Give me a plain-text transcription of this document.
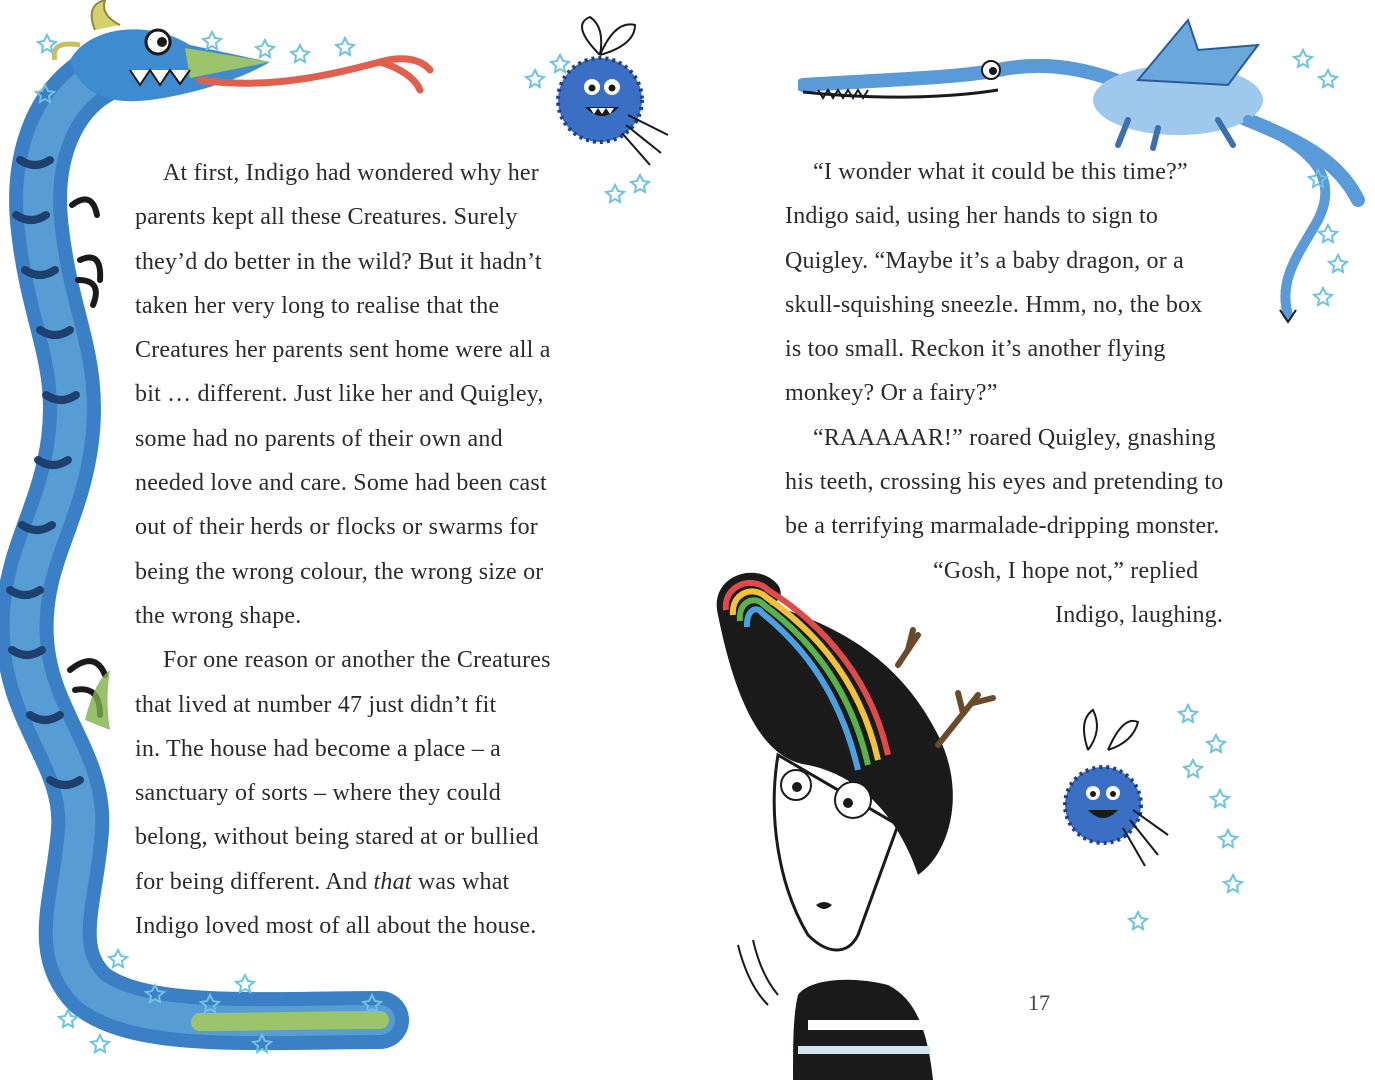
At first, Indigo had wondered why her
parents kept all these Creatures. Surely
they’d do better in the wild? But it hadn’t
taken her very long to realise that the
Creatures her parents sent home were all a
bit … different. Just like her and Quigley,
some had no parents of their own and
needed love and care. Some had been cast
out of their herds or flocks or swarms for
being the wrong colour, the wrong size or
the wrong shape.

For one reason or another the Creatures
that lived at number 47 just didn’t fit
in. The house had become a place – a
sanctuary of sorts – where they could
belong, without being stared at or bullied
for being different. And that was what
Indigo loved most of all about the house.

“I wonder what it could be this time?”
Indigo said, using her hands to sign to
Quigley. “Maybe it’s a baby dragon, or a
skull-squishing sneezle. Hmm, no, the box
is too small. Reckon it’s another flying
monkey? Or a fairy?”
“RAAAAAR!” roared Quigley, gnashing
his teeth, crossing his eyes and pretending to
be a terrifying marmalade-dripping monster.
“Gosh, I hope not,” replied
Indigo, laughing.
17
